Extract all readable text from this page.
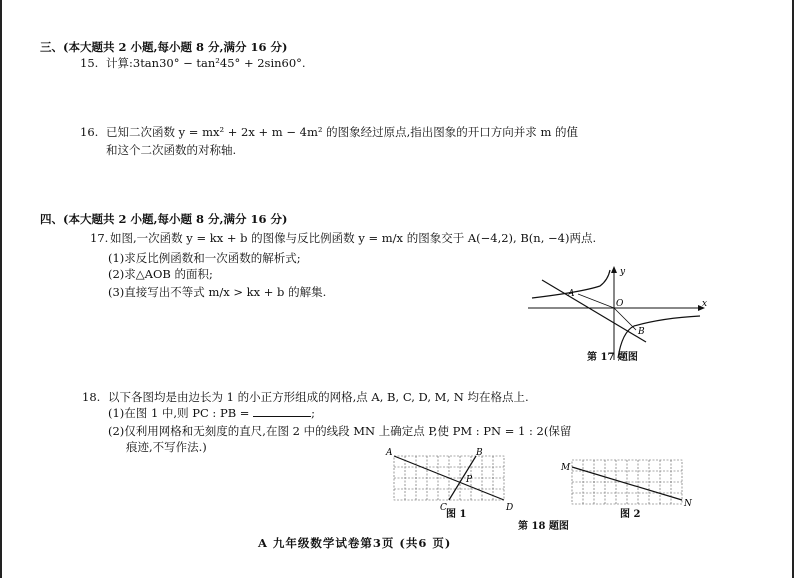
三、(本大题共 2 小题,每小题 8 分,满分 16 分)
15. 计算:3tan30° − tan²45° + 2sin60°.
16. 已知二次函数 y = mx² + 2x + m − 4m² 的图象经过原点,指出图象的开口方向并求 m 的值
和这个二次函数的对称轴.
四、(本大题共 2 小题,每小题 8 分,满分 16 分)
17. 如图,一次函数 y = kx + b 的图像与反比例函数 y = m/x 的图象交于 A(−4,2), B(n, −4)两点.
(1)求反比例函数和一次函数的解析式;
(2)求△AOB 的面积;
(3)直接写出不等式 m/x > kx + b 的解集.	A
B
O
y
x
第 17 题图
18. 以下各图均是由边长为 1 的小正方形组成的网格,点 A, B, C, D, M, N 均在格点上.
(1)在图 1 中,则 PC : PB =	;
(2)仅利用网格和无刻度的直尺,在图 2 中的线段 MN 上确定点 P,使 PM : PN = 1 : 2(保留
痕迹,不写作法.)	A	B
C	D
P
图 1
第 18 题图
M
N
图 2
A 九年级数学试卷第3页 (共6 页)
